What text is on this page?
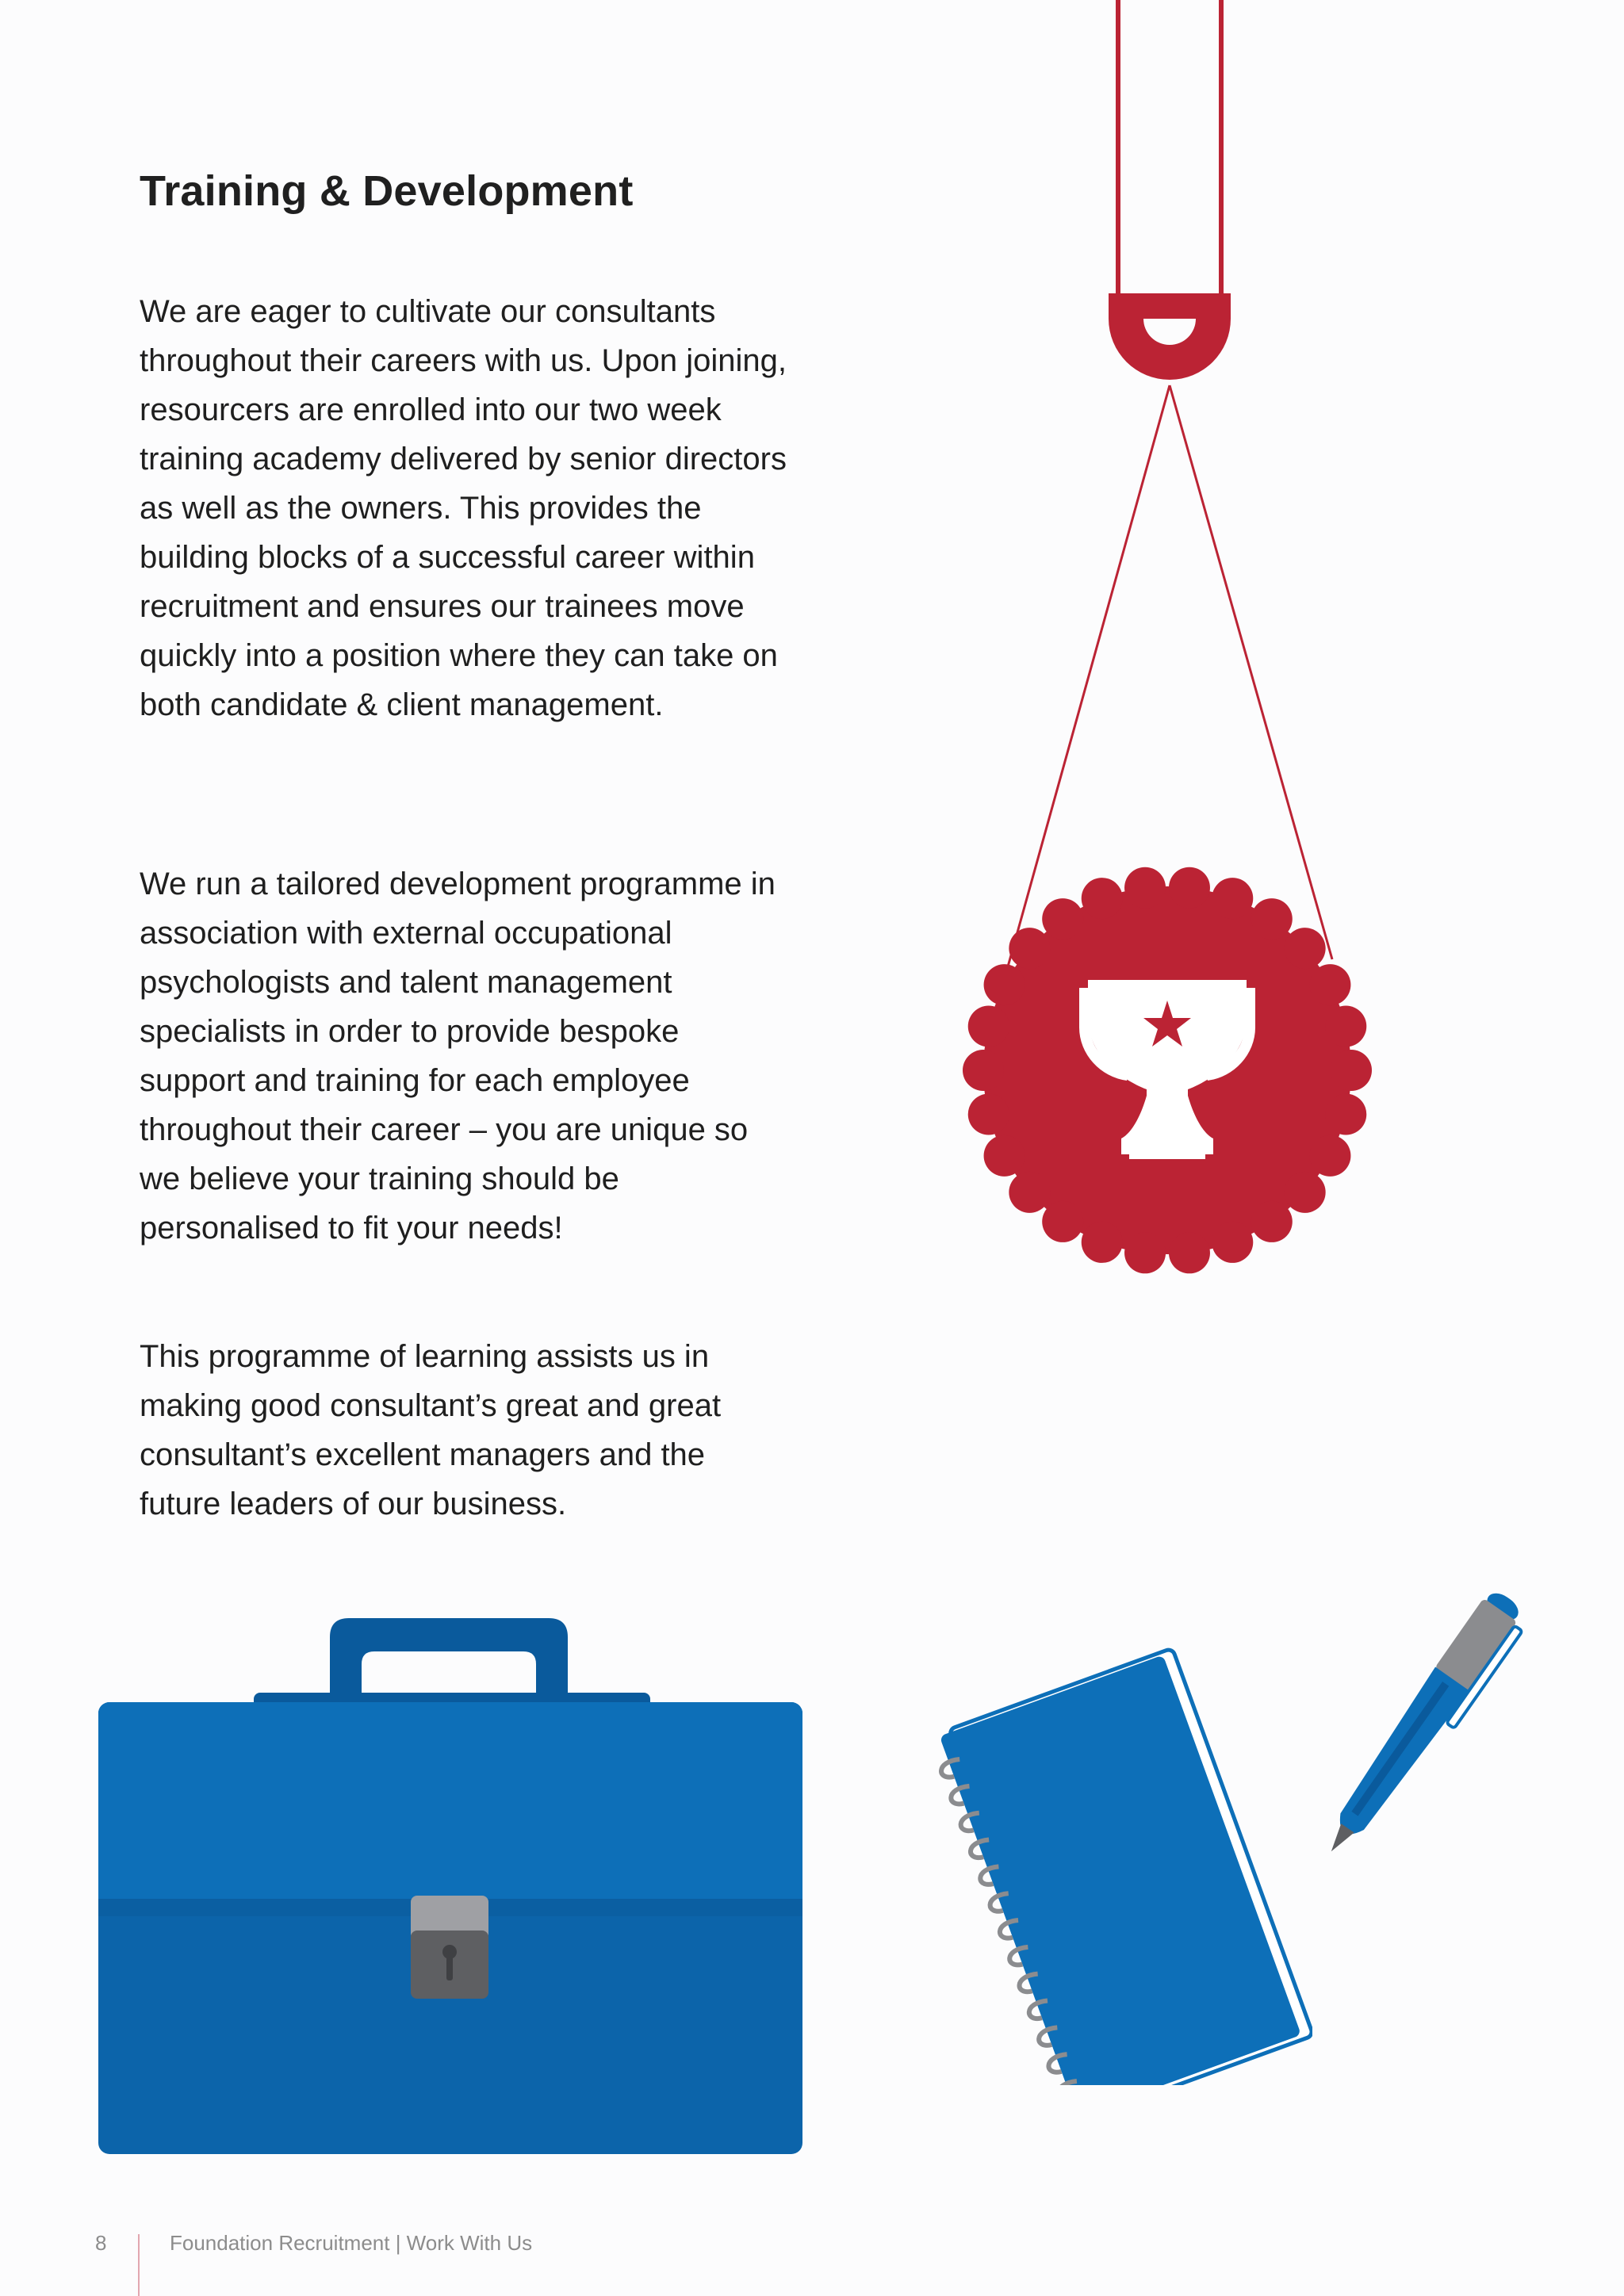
Training & Development

We are eager to cultivate our consultants throughout their careers with us. Upon joining, resourcers are enrolled into our two week training academy delivered by senior directors as well as the owners. This provides the building blocks of a successful career within recruitment and ensures our trainees move quickly into a position where they can take on both candidate & client management.

We run a tailored development programme in association with external occupational psychologists and talent management specialists in order to provide bespoke support and training for each employee throughout their career – you are unique so we believe your training should be personalised to fit your needs!

This programme of learning assists us in making good consultant’s great and great consultant’s excellent managers and the future leaders of our business.

8	Foundation Recruitment | Work With Us
